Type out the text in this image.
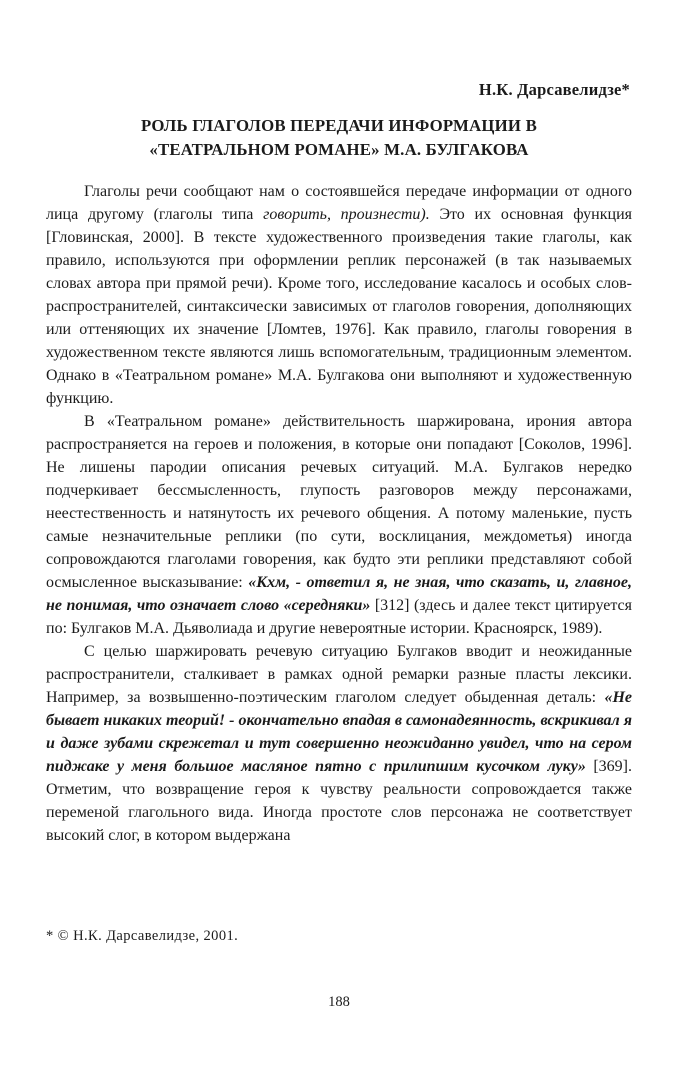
Н.К. Дарсавелидзе*
РОЛЬ ГЛАГОЛОВ ПЕРЕДАЧИ ИНФОРМАЦИИ В
«ТЕАТРАЛЬНОМ РОМАНЕ» М.А. БУЛГАКОВА

Глаголы речи сообщают нам о состоявшейся передаче информации от одного лица другому (глаголы типа говорить, произнести). Это их основная функция [Гловинская, 2000]. В тексте художественного произведения такие глаголы, как правило, используются при оформлении реплик персонажей (в так называемых словах автора при прямой речи). Кроме того, исследование касалось и особых слов-распространителей, синтаксически зависимых от глаголов говорения, дополняющих или оттеняющих их значение [Ломтев, 1976]. Как правило, глаголы говорения в художественном тексте являются лишь вспомогательным, традиционным элементом. Однако в «Театральном романе» М.А. Булгакова они выполняют и художественную функцию.

В «Театральном романе» действительность шаржирована, ирония автора распространяется на героев и положения, в которые они попадают [Соколов, 1996]. Не лишены пародии описания речевых ситуаций. М.А. Булгаков нередко подчеркивает бессмысленность, глупость разговоров между персонажами, неестественность и натянутость их речевого общения. А потому маленькие, пусть самые незначительные реплики (по сути, восклицания, междометья) иногда сопровождаются глаголами говорения, как будто эти реплики представляют собой осмысленное высказывание: «Кхм, - ответил я, не зная, что сказать, и, главное, не понимая, что означает слово «середняки» [312] (здесь и далее текст цитируется по: Булгаков М.А. Дьяволиада и другие невероятные истории. Красноярск, 1989).

С целью шаржировать речевую ситуацию Булгаков вводит и неожиданные распространители, сталкивает в рамках одной ремарки разные пласты лексики. Например, за возвышенно-поэтическим глаголом следует обыденная деталь: «Не бывает никаких теорий! - окончательно впадая в самонадеянность, вскрикивал я и даже зубами скрежетал и тут совершенно неожиданно увидел, что на сером пиджаке у меня большое масляное пятно с прилипшим кусочком луку» [369]. Отметим, что возвращение героя к чувству реальности сопровождается также переменой глагольного вида. Иногда простоте слов персонажа не соответствует высокий слог, в котором выдержана

* © Н.К. Дарсавелидзе, 2001.
188
